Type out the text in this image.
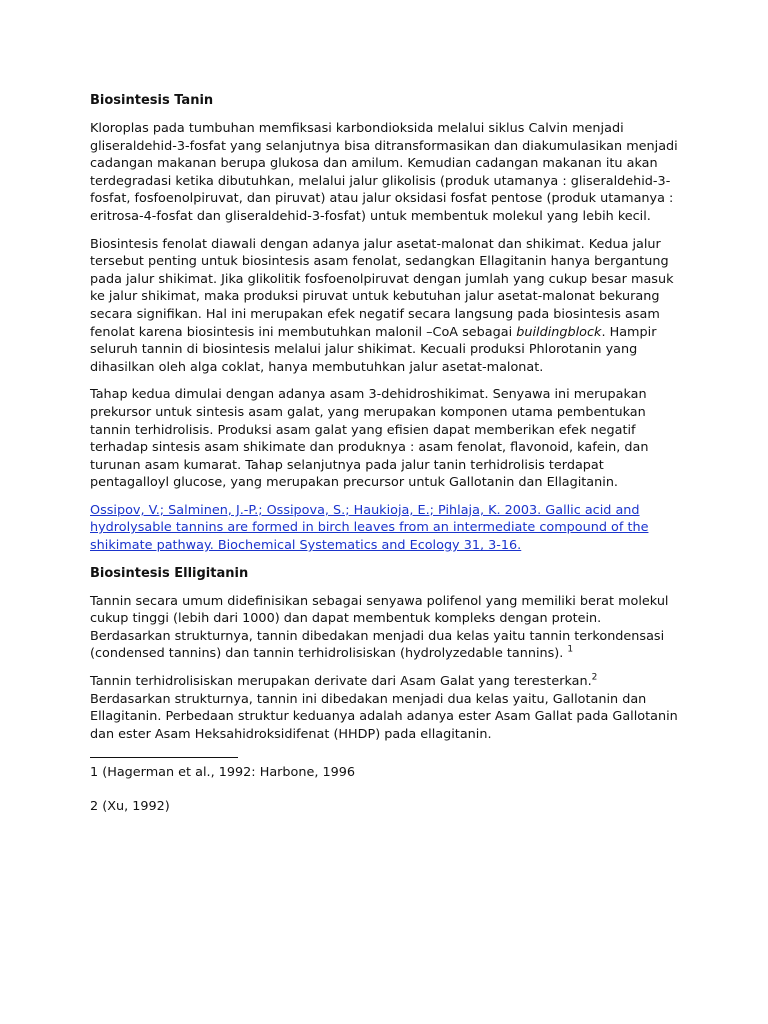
Biosintesis Tanin

Kloroplas pada tumbuhan memfiksasi karbondioksida melalui siklus Calvin menjadi gliseraldehid-3-fosfat yang selanjutnya bisa ditransformasikan dan diakumulasikan menjadi cadangan makanan berupa glukosa dan amilum. Kemudian cadangan makanan itu akan terdegradasi ketika dibutuhkan, melalui jalur glikolisis (produk utamanya : gliseraldehid-3-fosfat, fosfoenolpiruvat, dan piruvat) atau jalur oksidasi fosfat pentose (produk utamanya : eritrosa-4-fosfat dan gliseraldehid-3-fosfat) untuk membentuk molekul yang lebih kecil.

Biosintesis fenolat diawali dengan adanya jalur asetat-malonat dan shikimat. Kedua jalur tersebut penting untuk biosintesis asam fenolat, sedangkan Ellagitanin hanya bergantung pada jalur shikimat. Jika glikolitik fosfoenolpiruvat dengan jumlah yang cukup besar masuk ke jalur shikimat, maka produksi piruvat untuk kebutuhan jalur asetat-malonat bekurang secara signifikan. Hal ini merupakan efek negatif secara langsung pada biosintesis asam fenolat karena biosintesis ini membutuhkan malonil –CoA sebagai buildingblock. Hampir seluruh tannin di biosintesis melalui jalur shikimat. Kecuali produksi Phlorotanin yang dihasilkan oleh alga coklat, hanya membutuhkan jalur asetat-malonat.

Tahap kedua dimulai dengan adanya asam 3-dehidroshikimat. Senyawa ini merupakan prekursor untuk sintesis asam galat, yang merupakan komponen utama pembentukan tannin terhidrolisis. Produksi asam galat yang efisien dapat memberikan efek negatif terhadap sintesis asam shikimate dan produknya : asam fenolat, flavonoid, kafein, dan turunan asam kumarat. Tahap selanjutnya pada jalur tanin terhidrolisis terdapat pentagalloyl glucose, yang merupakan precursor untuk Gallotanin dan Ellagitanin.

Ossipov, V.; Salminen, J.-P.; Ossipova, S.; Haukioja, E.; Pihlaja, K. 2003. Gallic acid and hydrolysable tannins are formed in birch leaves from an intermediate compound of the shikimate pathway. Biochemical Systematics and Ecology 31, 3-16.

Biosintesis Elligitanin

Tannin secara umum didefinisikan sebagai senyawa polifenol yang memiliki berat molekul cukup tinggi (lebih dari 1000) dan dapat membentuk kompleks dengan protein. Berdasarkan strukturnya, tannin dibedakan menjadi dua kelas yaitu tannin terkondensasi (condensed tannins) dan tannin terhidrolisiskan (hydrolyzedable tannins). $^1$

Tannin terhidrolisiskan merupakan derivate dari Asam Galat yang teresterkan.$^2$ Berdasarkan strukturnya, tannin ini dibedakan menjadi dua kelas yaitu, Gallotanin dan Ellagitanin. Perbedaan struktur keduanya adalah adanya ester Asam Gallat pada Gallotanin dan ester Asam Heksahidroksidifenat (HHDP) pada ellagitanin.

1 (Hagerman et al., 1992: Harbone, 1996

2 (Xu, 1992)
